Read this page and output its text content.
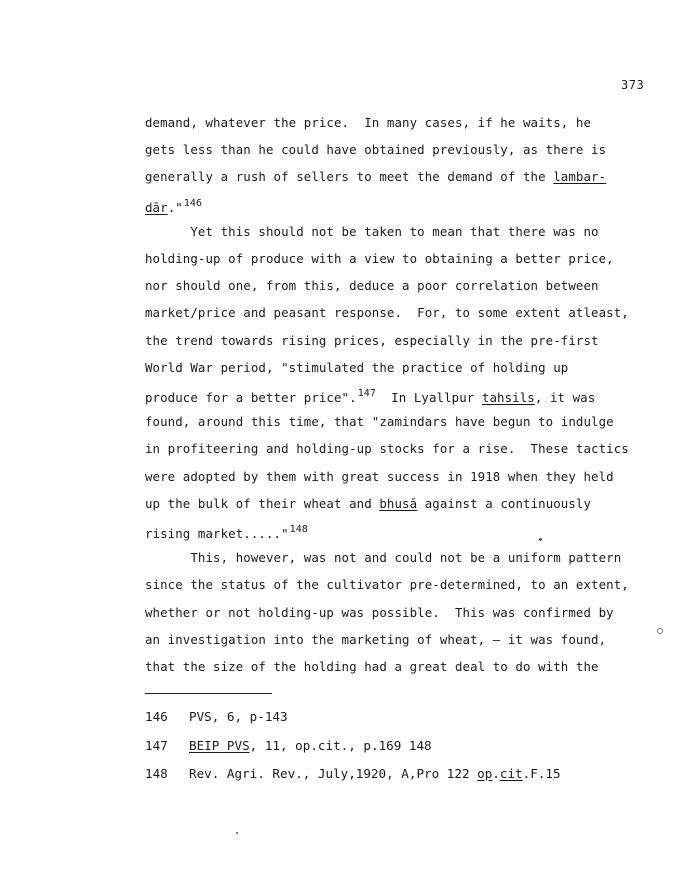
373
demand, whatever the price.  In many cases, if he waits, he
gets less than he could have obtained previously, as there is
generally a rush of sellers to meet the demand of the lambar-
dār."$^{146}$
Yet this should not be taken to mean that there was no
holding-up of produce with a view to obtaining a better price,
nor should one, from this, deduce a poor correlation between
market/price and peasant response.  For, to some extent atleast,
the trend towards rising prices, especially in the pre-first
World War period, "stimulated the practice of holding up
produce for a better price".$^{147}$  In Lyallpur tahsils, it was
found, around this time, that "zamindars have begun to indulge
in profiteering and holding-up stocks for a rise.  These tactics
were adopted by them with great success in 1918 when they held
up the bulk of their wheat and bhusā against a continuously
rising market....."$^{148}$
This, however, was not and could not be a uniform pattern
since the status of the cultivator pre-determined, to an extent,
whether or not holding-up was possible.  This was confirmed by
an investigation into the marketing of wheat, — it was found,
that the size of the holding had a great deal to do with the
146 PVS, 6, p-143
147 BEIP PVS, 11, op.cit., p.169 148
148 Rev. Agri. Rev., July,1920, A,Pro 122 op.cit.F.15
